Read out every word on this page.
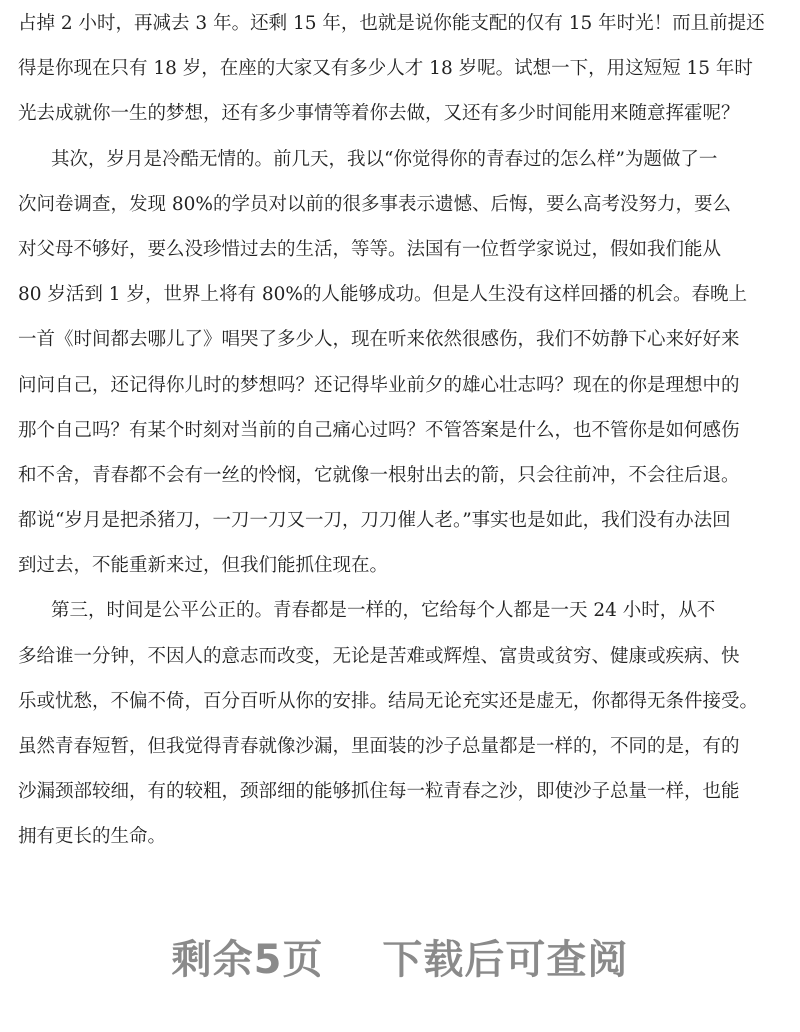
占掉 2 小时，再减去 3 年。还剩 15 年，也就是说你能支配的仅有 15 年时光！而且前提还
得是你现在只有 18 岁，在座的大家又有多少人才 18 岁呢。试想一下，用这短短 15 年时
光去成就你一生的梦想，还有多少事情等着你去做，又还有多少时间能用来随意挥霍呢？
其次，岁月是冷酷无情的。前几天，我以“你觉得你的青春过的怎么样”为题做了一
次问卷调查，发现 80%的学员对以前的很多事表示遗憾、后悔，要么高考没努力，要么
对父母不够好，要么没珍惜过去的生活，等等。法国有一位哲学家说过，假如我们能从
80 岁活到 1 岁，世界上将有 80%的人能够成功。但是人生没有这样回播的机会。春晚上
一首《时间都去哪儿了》唱哭了多少人，现在听来依然很感伤，我们不妨静下心来好好来
问问自己，还记得你儿时的梦想吗？还记得毕业前夕的雄心壮志吗？现在的你是理想中的
那个自己吗？有某个时刻对当前的自己痛心过吗？不管答案是什么，也不管你是如何感伤
和不舍，青春都不会有一丝的怜悯，它就像一根射出去的箭，只会往前冲，不会往后退。
都说“岁月是把杀猪刀，一刀一刀又一刀，刀刀催人老。”事实也是如此，我们没有办法回
到过去，不能重新来过，但我们能抓住现在。
第三，时间是公平公正的。青春都是一样的，它给每个人都是一天 24 小时，从不
多给谁一分钟，不因人的意志而改变，无论是苦难或辉煌、富贵或贫穷、健康或疾病、快
乐或忧愁，不偏不倚，百分百听从你的安排。结局无论充实还是虚无，你都得无条件接受。
虽然青春短暂，但我觉得青春就像沙漏，里面装的沙子总量都是一样的，不同的是，有的
沙漏颈部较细，有的较粗，颈部细的能够抓住每一粒青春之沙，即使沙子总量一样，也能
拥有更长的生命。
剩余5页 下载后可查阅
